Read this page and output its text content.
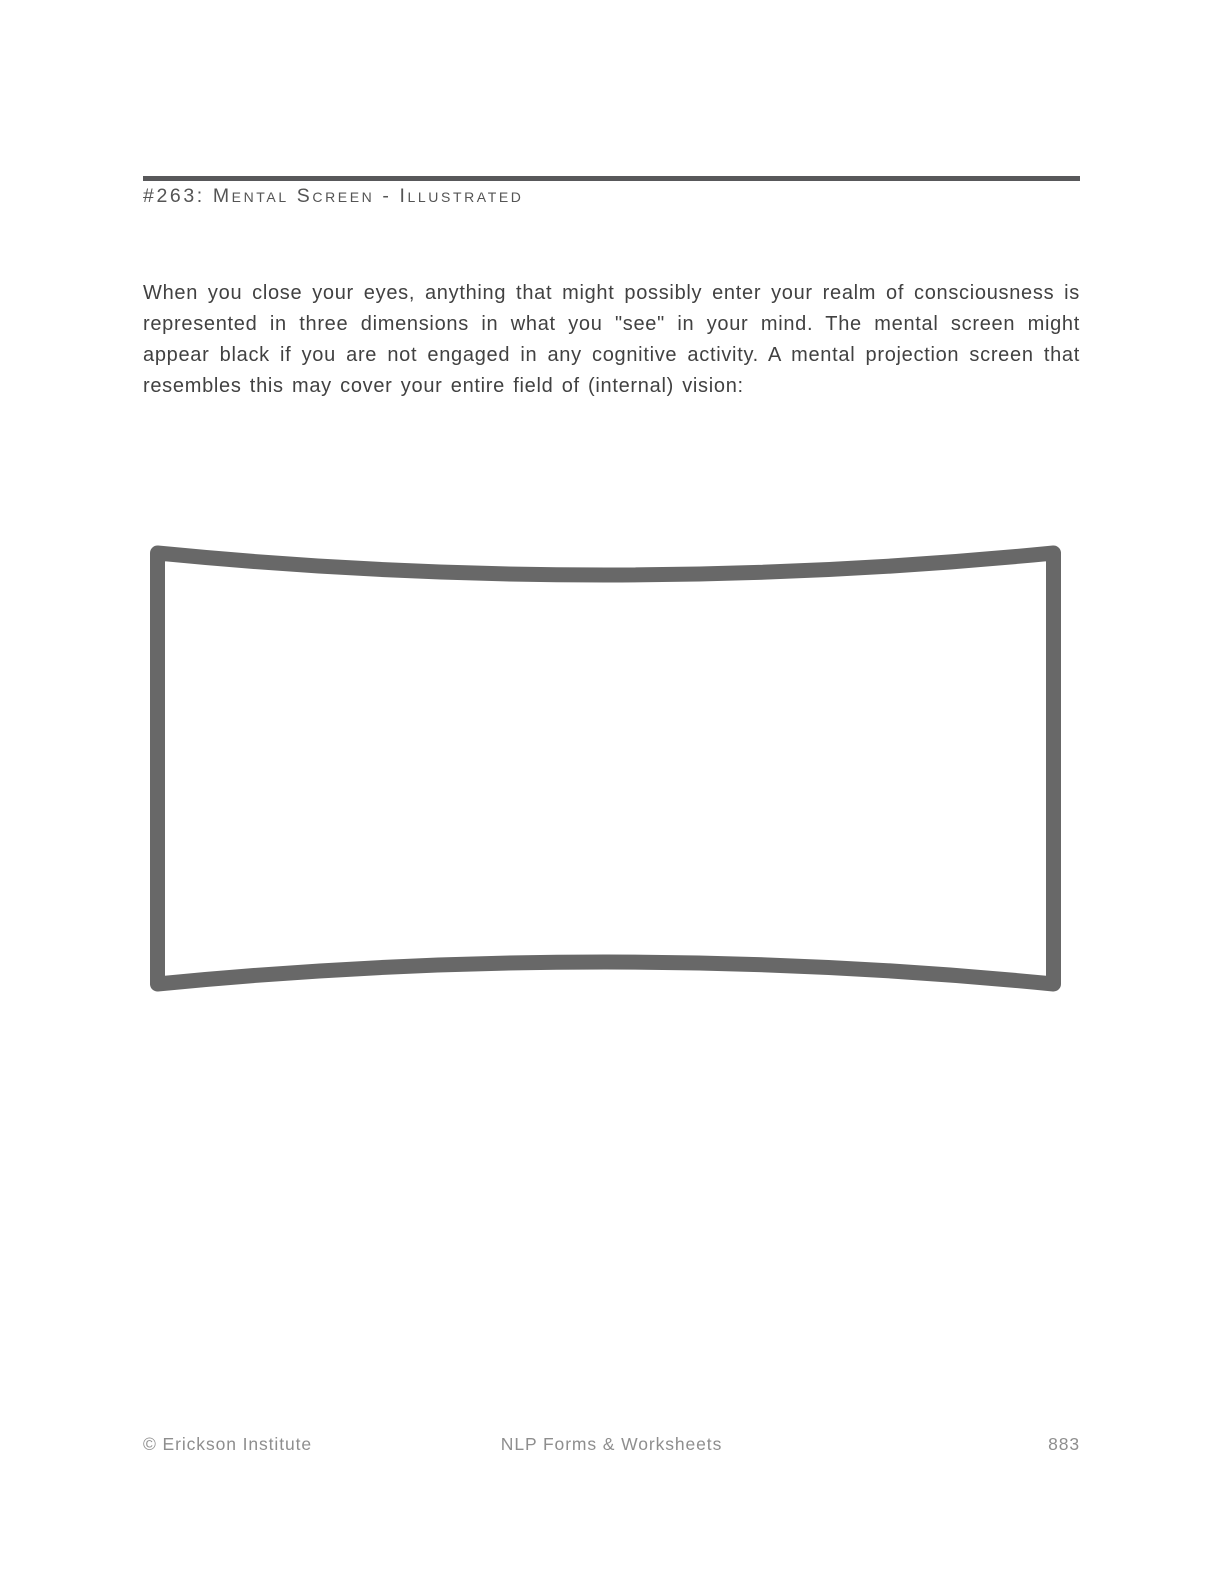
#263: Mental Screen - Illustrated
When you close your eyes, anything that might possibly enter your realm of consciousness is represented in three dimensions in what you "see" in your mind. The mental screen might appear black if you are not engaged in any cognitive activity. A mental projection screen that resembles this may cover your entire field of (internal) vision:
© Erickson Institute	NLP Forms & Worksheets	883
